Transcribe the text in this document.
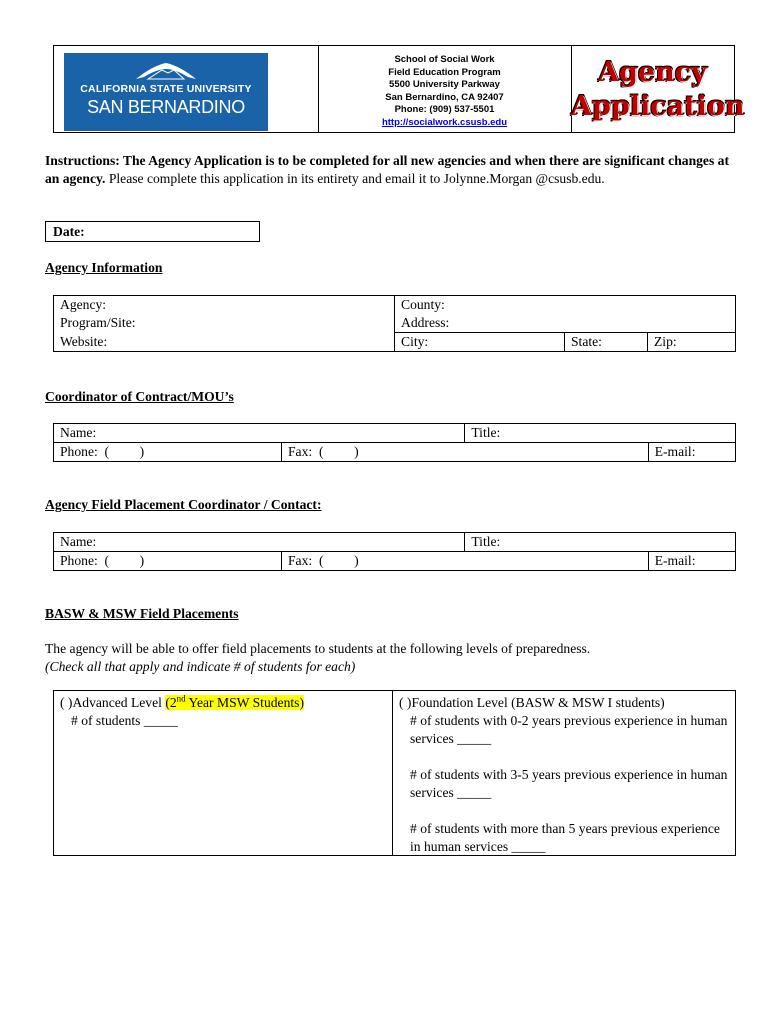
CALIFORNIA STATE UNIVERSITY
SAN BERNARDINO
School of Social Work
Field Education Program
5500 University Parkway
San Bernardino, CA 92407
Phone: (909) 537-5501
http://socialwork.csusb.edu
Agency
Application
Instructions: The Agency Application is to be completed for all new agencies and when there are significant changes at an agency. Please complete this application in its entirety and email it to Jolynne.Morgan @csusb.edu.
Date:
Agency Information
Agency:	County:		
Program/Site:	Address:		
Website:	City:	State:	Zip:
Coordinator of Contract/MOU’s
Name:		Title:	
Phone:  (         )	Fax:  (         )		E-mail:
Agency Field Placement Coordinator / Contact:
Name:		Title:	
Phone:  (         )	Fax:  (         )		E-mail:
BASW & MSW Field Placements
The agency will be able to offer field placements to students at the following levels of preparedness.
(Check all that apply and indicate # of students for each)
( )Advanced Level (2nd Year MSW Students)
# of students _____
( )Foundation Level (BASW & MSW I students)
# of students with 0-2 years previous experience in human services _____
# of students with 3-5 years previous experience in human services _____
# of students with more than 5 years previous experience in human services _____
